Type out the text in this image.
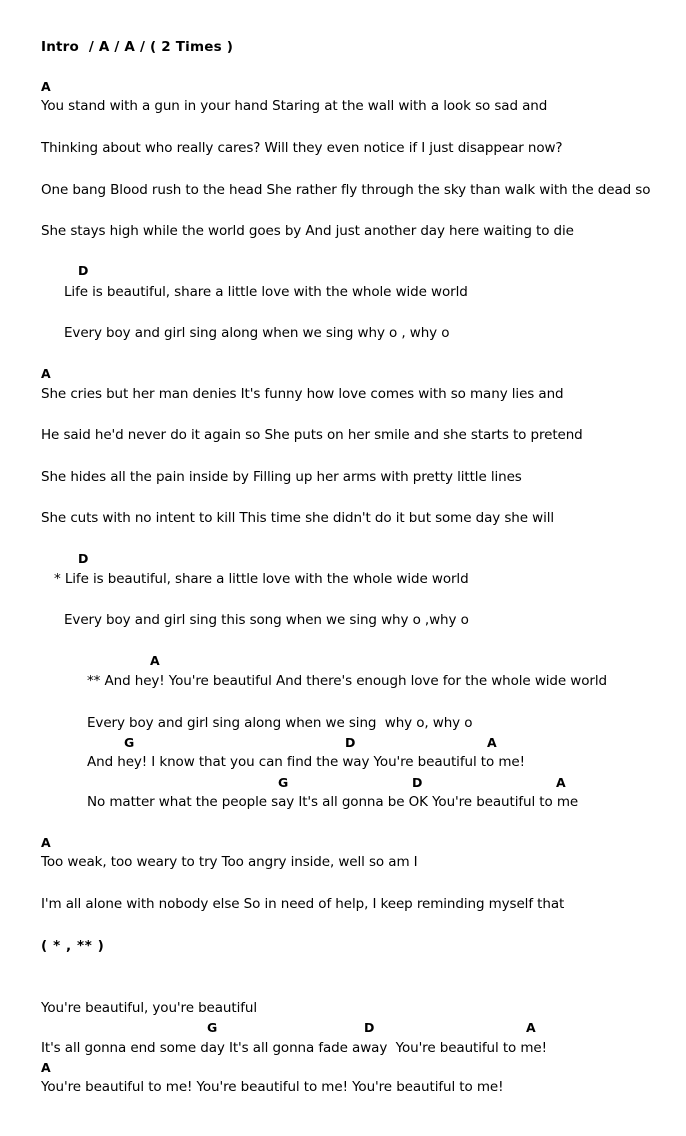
Intro  / A / A / ( 2 Times )
A
You stand with a gun in your hand Staring at the wall with a look so sad and
Thinking about who really cares? Will they even notice if I just disappear now?
One bang Blood rush to the head She rather fly through the sky than walk with the dead so
She stays high while the world goes by And just another day here waiting to die
D
Life is beautiful, share a little love with the whole wide world
Every boy and girl sing along when we sing why o , why o
A
She cries but her man denies It's funny how love comes with so many lies and
He said he'd never do it again so She puts on her smile and she starts to pretend
She hides all the pain inside by Filling up her arms with pretty little lines
She cuts with no intent to kill This time she didn't do it but some day she will
D
* Life is beautiful, share a little love with the whole wide world
Every boy and girl sing this song when we sing why o ,why o
A
** And hey! You're beautiful And there's enough love for the whole wide world
Every boy and girl sing along when we sing  why o, why o
G	D	A
And hey! I know that you can find the way You're beautiful to me!
G	D	A
No matter what the people say It's all gonna be OK You're beautiful to me
A
Too weak, too weary to try Too angry inside, well so am I
I'm all alone with nobody else So in need of help, I keep reminding myself that
( * , ** )
You're beautiful, you're beautiful
G	D	A
It's all gonna end some day It's all gonna fade away  You're beautiful to me!
A
You're beautiful to me! You're beautiful to me! You're beautiful to me!
